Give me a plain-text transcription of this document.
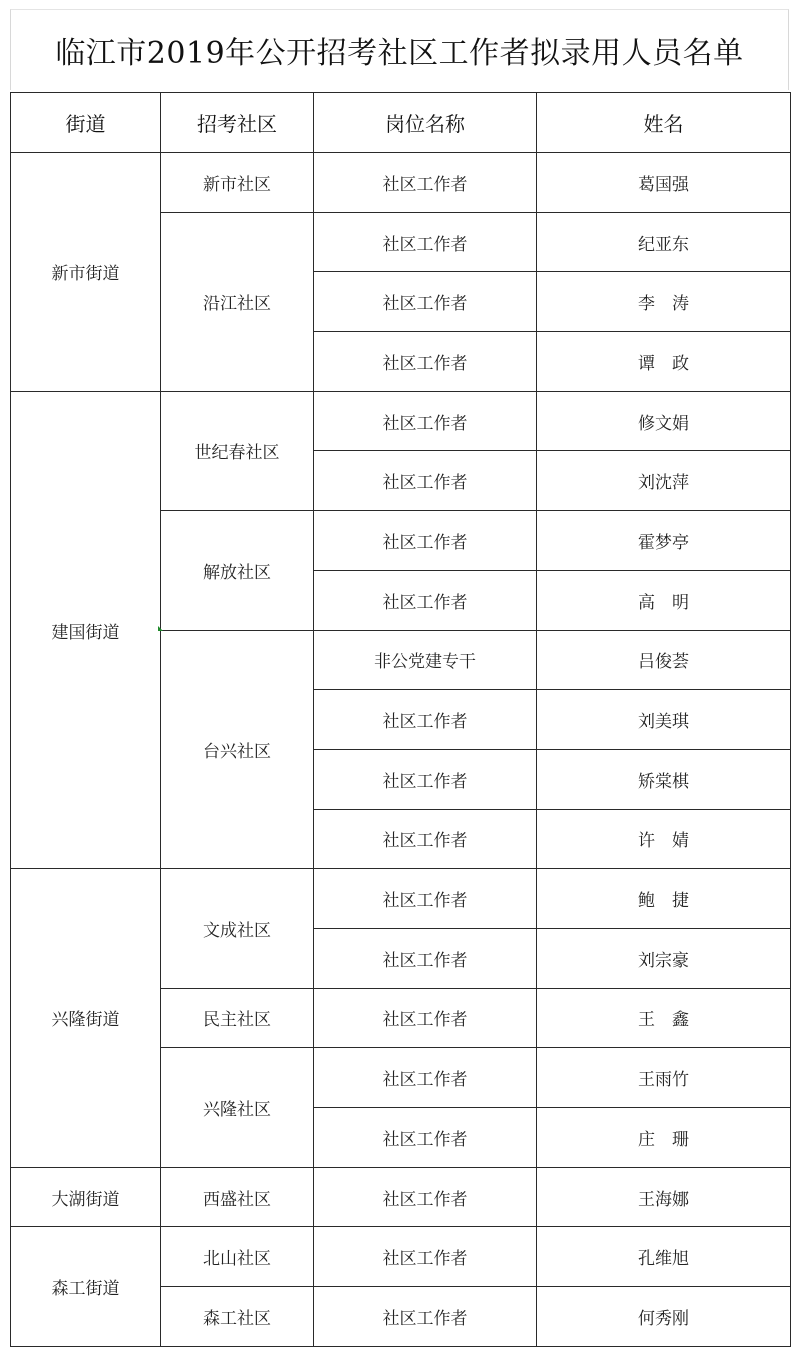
临江市2019年公开招考社区工作者拟录用人员名单
街道	招考社区	岗位名称	姓名
新市街道	新市社区	社区工作者	葛国强
	沿江社区	社区工作者	纪亚东
		社区工作者	李　涛
		社区工作者	谭　政
建国街道	世纪春社区	社区工作者	修文娟
		社区工作者	刘沈萍
	解放社区	社区工作者	霍梦亭
		社区工作者	高　明
	台兴社区	非公党建专干	吕俊荟
		社区工作者	刘美琪
		社区工作者	矫棠棋
		社区工作者	许　婧
兴隆街道	文成社区	社区工作者	鲍　捷
		社区工作者	刘宗豪
	民主社区	社区工作者	王　鑫
	兴隆社区	社区工作者	王雨竹
		社区工作者	庄　珊
大湖街道	西盛社区	社区工作者	王海娜
森工街道	北山社区	社区工作者	孔维旭
	森工社区	社区工作者	何秀刚
